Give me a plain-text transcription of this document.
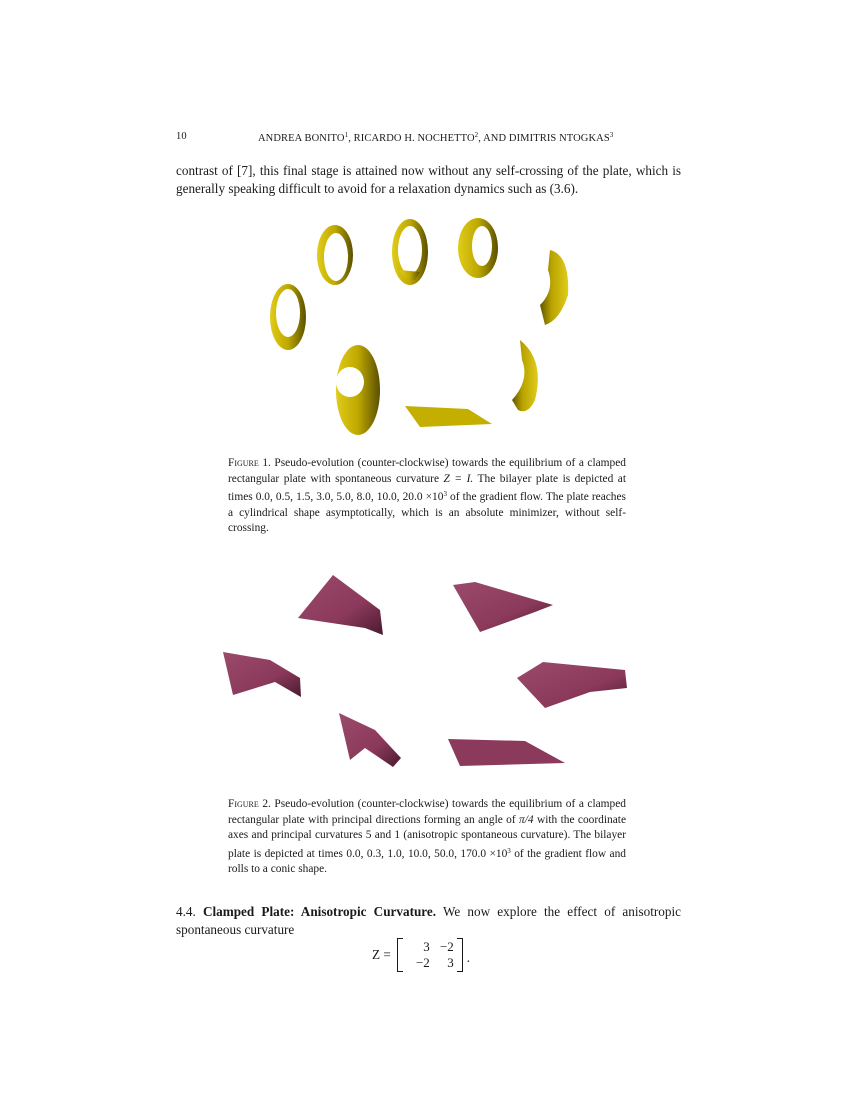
10	ANDREA BONITO$^1$, RICARDO H. NOCHETTO$^2$, AND DIMITRIS NTOGKAS$^3$
contrast of [7], this final stage is attained now without any self-crossing of the plate, which is generally speaking difficult to avoid for a relaxation dynamics such as (3.6).
Figure 1. Pseudo-evolution (counter-clockwise) towards the equilibrium of a clamped rectangular plate with spontaneous curvature Z = I. The bilayer plate is depicted at times 0.0, 0.5, 1.5, 3.0, 5.0, 8.0, 10.0, $20.0 \times 10^3$ of the gradient flow. The plate reaches a cylindrical shape asymptotically, which is an absolute minimizer, without self-crossing.
Figure 2. Pseudo-evolution (counter-clockwise) towards the equilibrium of a clamped rectangular plate with principal directions forming an angle of π/4 with the coordinate axes and principal curvatures 5 and 1 (anisotropic spontaneous curvature). The bilayer plate is depicted at times 0.0, 0.3, 1.0, 10.0, 50.0, $170.0 \times 10^3$ of the gradient flow and rolls to a conic shape.
4.4. Clamped Plate: Anisotropic Curvature. We now explore the effect of anisotropic spontaneous curvature
Z =
3 −2
−2	3 .
